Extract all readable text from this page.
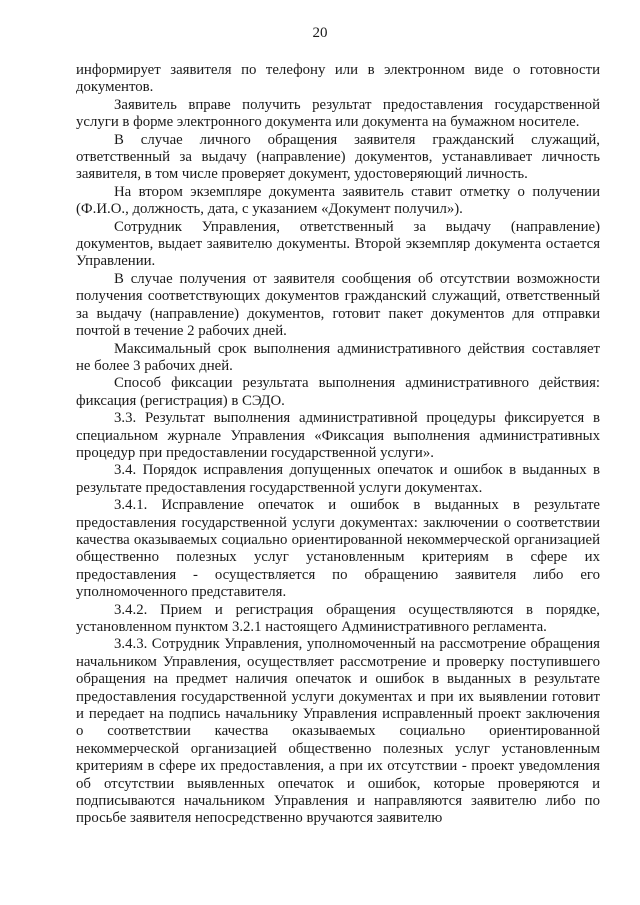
20

информирует заявителя по телефону или в электронном виде о готовности документов.

Заявитель вправе получить результат предоставления государственной услуги в форме электронного документа или документа на бумажном носителе.

В случае личного обращения заявителя гражданский служащий, ответственный за выдачу (направление) документов, устанавливает личность заявителя, в том числе проверяет документ, удостоверяющий личность.

На втором экземпляре документа заявитель ставит отметку о получении (Ф.И.О., должность, дата, с указанием «Документ получил»).

Сотрудник Управления, ответственный за выдачу (направление) документов, выдает заявителю документы. Второй экземпляр документа остается Управлении.

В случае получения от заявителя сообщения об отсутствии возможности получения соответствующих документов гражданский служащий, ответственный за выдачу (направление) документов, готовит пакет документов для отправки почтой в течение 2 рабочих дней.

Максимальный срок выполнения административного действия составляет не более 3 рабочих дней.

Способ фиксации результата выполнения административного действия: фиксация (регистрация) в СЭДО.

3.3. Результат выполнения административной процедуры фиксируется в специальном журнале Управления «Фиксация выполнения административных процедур при предоставлении государственной услуги».

3.4. Порядок исправления допущенных опечаток и ошибок в выданных в результате предоставления государственной услуги документах.

3.4.1. Исправление опечаток и ошибок в выданных в результате предоставления государственной услуги документах: заключении о соответствии качества оказываемых социально ориентированной некоммерческой организацией общественно полезных услуг установленным критериям в сфере их предоставления - осуществляется по обращению заявителя либо его уполномоченного представителя.

3.4.2. Прием и регистрация обращения осуществляются в порядке, установленном пунктом 3.2.1 настоящего Административного регламента.

3.4.3. Сотрудник Управления, уполномоченный на рассмотрение обращения начальником Управления, осуществляет рассмотрение и проверку поступившего обращения на предмет наличия опечаток и ошибок в выданных в результате предоставления государственной услуги документах и при их выявлении готовит и передает на подпись начальнику Управления исправленный проект заключения о соответствии качества оказываемых социально ориентированной некоммерческой организацией общественно полезных услуг установленным критериям в сфере их предоставления, а при их отсутствии - проект уведомления об отсутствии выявленных опечаток и ошибок, которые проверяются и подписываются начальником Управления и направляются заявителю либо по просьбе заявителя непосредственно вручаются заявителю
